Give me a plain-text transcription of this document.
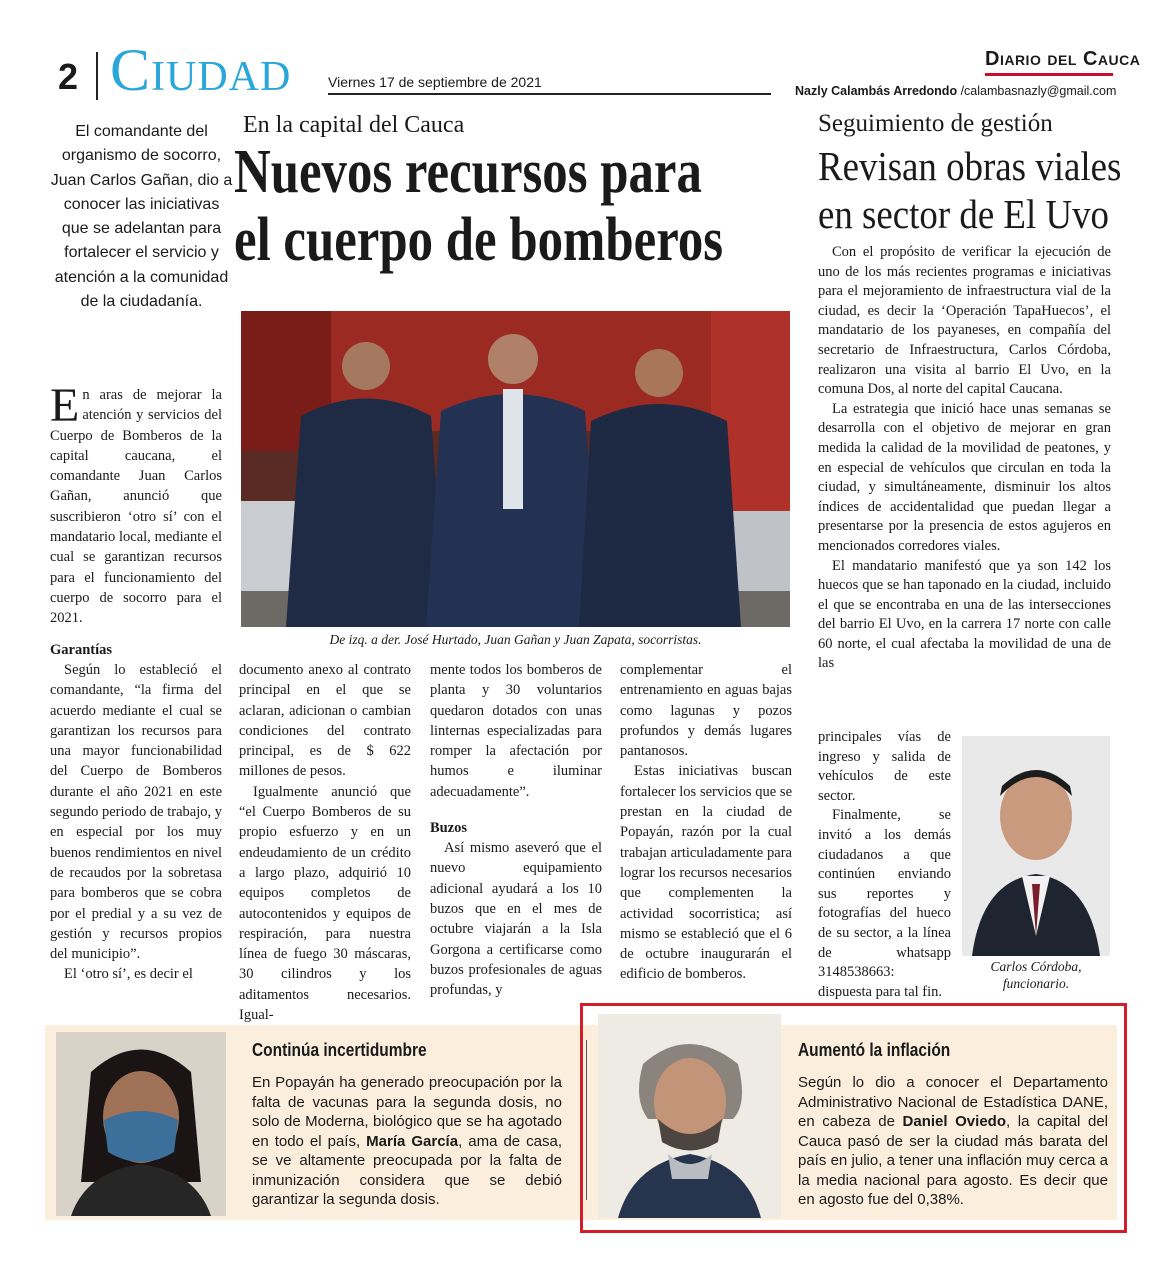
2 Ciudad	Viernes 17 de septiembre de 2021
Diario del Cauca
Nazly Calambás Arredondo /calambasnazly@gmail.com
El comandante del organismo de socorro, Juan Carlos Gañan, dio a conocer las iniciativas que se adelantan para fortalecer el servicio y atención a la comunidad de la ciudadanía.
En la capital del Cauca
Nuevos recursos para
el cuerpo de bomberos
De izq. a der. José Hurtado, Juan Gañan y Juan Zapata, socorristas.

En aras de mejorar la atención y servicios del Cuerpo de Bomberos de la capital caucana, el comandante Juan Carlos Gañan, anunció que suscribieron ‘otro sí’ con el mandatario local, mediante el cual se garantizan recursos para el funcionamiento del cuerpo de socorro para el 2021.

Garantías

Según lo estableció el comandante, “la firma del acuerdo mediante el cual se garantizan los recursos para una mayor funcionabilidad del Cuerpo de Bomberos durante el año 2021 en este segundo periodo de trabajo, y en especial por los muy buenos rendimientos en nivel de recaudos por la sobretasa para bomberos que se cobra por el predial y a su vez de gestión y recursos propios del municipio”.

El ‘otro sí’, es decir el

documento anexo al contrato principal en el que se aclaran, adicionan o cambian condiciones del contrato principal, es de $ 622 millones de pesos.

Igualmente anunció que “el Cuerpo Bomberos de su propio esfuerzo y en un endeudamiento de un crédito a largo plazo, adquirió 10 equipos completos de autocontenidos y equipos de respiración, para nuestra línea de fuego 30 máscaras, 30 cilindros y los aditamentos necesarios. Igual-

mente todos los bomberos de planta y 30 voluntarios quedaron dotados con unas linternas especializadas para romper la afectación por humos e iluminar adecuadamente”.

Buzos

Así mismo aseveró que el nuevo equipamiento adicional ayudará a los 10 buzos que en el mes de octubre viajarán a la Isla Gorgona a certificarse como buzos profesionales de aguas profundas, y

complementar el entrenamiento en aguas bajas como lagunas y pozos profundos y demás lugares pantanosos.

Estas iniciativas buscan fortalecer los servicios que se prestan en la ciudad de Popayán, razón por la cual trabajan articuladamente para lograr los recursos necesarios que complementen la actividad socorristica; así mismo se estableció que el 6 de octubre inaugurarán el edificio de bomberos.

Seguimiento de gestión
Revisan obras viales
en sector de El Uvo

Con el propósito de verificar la ejecución de uno de los más recientes programas e iniciativas para el mejoramiento de infraestructura vial de la ciudad, es decir la ‘Operación TapaHuecos’, el mandatario de los payaneses, en compañía del secretario de Infraestructura, Carlos Córdoba, realizaron una visita al barrio El Uvo, en la comuna Dos, al norte del capital Caucana.

La estrategia que inició hace unas semanas se desarrolla con el objetivo de mejorar en gran medida la calidad de la movilidad de peatones, y en especial de vehículos que circulan en toda la ciudad, y simultáneamente, disminuir los altos índices de accidentalidad que puedan llegar a presentarse por la presencia de estos agujeros en mencionados corredores viales.

El mandatario manifestó que ya son 142 los huecos que se han taponado en la ciudad, incluido el que se encontraba en una de las intersecciones del barrio El Uvo, en la carrera 17 norte con calle 60 norte, el cual afectaba la movilidad de una de las

principales vías de ingreso y salida de vehículos de este sector.

Finalmente, se invitó a los demás ciudadanos a que continúen enviando sus reportes y fotografías del hueco de su sector, a la línea de whatsapp 3148538663: dispuesta para tal fin.

Carlos Córdoba,
funcionario.
Continúa incertidumbre
En Popayán ha generado preocupación por la falta de vacunas para la segunda dosis, no solo de Moderna, biológico que se ha agotado en todo el país, María García, ama de casa, se ve altamente preocupada por la falta de inmunización considera que se debió garantizar la segunda dosis.
Aumentó la inflación
Según lo dio a conocer el Departamento Administrativo Nacional de Estadística DANE, en cabeza de Daniel Oviedo, la capital del Cauca pasó de ser la ciudad más barata del país en julio, a tener una inflación muy cerca a la media nacional para agosto. Es decir que en agosto fue del 0,38%.
